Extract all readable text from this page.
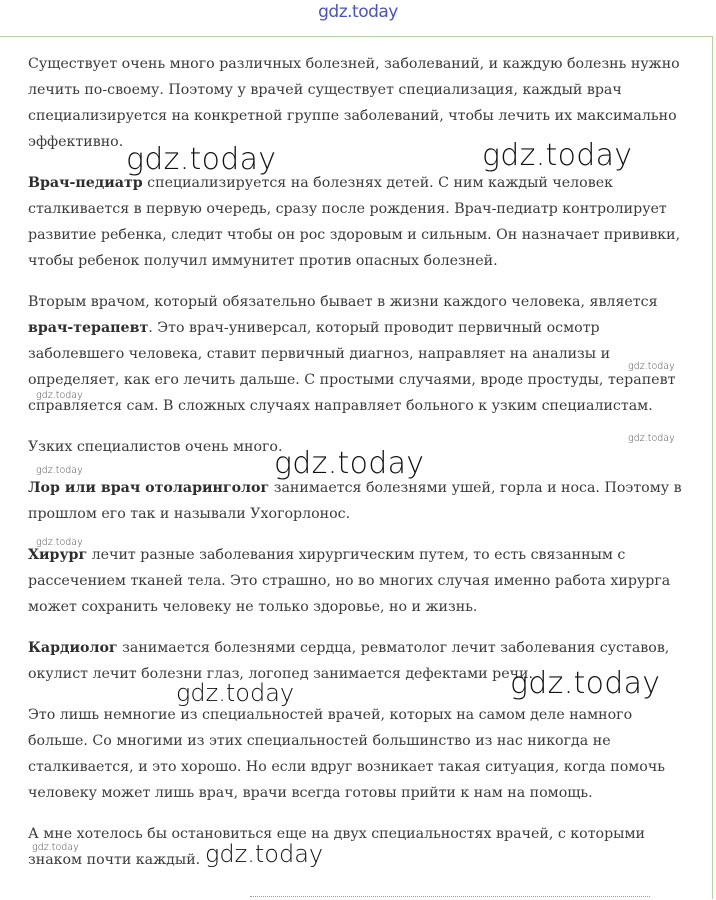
gdz.today

Существует очень много различных болезней, заболеваний, и каждую болезнь нужно лечить по-своему. Поэтому у врачей существует специализация, каждый врач специализируется на конкретной группе заболеваний, чтобы лечить их максимально эффективно.

Врач-педиатр специализируется на болезнях детей. С ним каждый человек сталкивается в первую очередь, сразу после рождения. Врач-педиатр контролирует развитие ребенка, следит чтобы он рос здоровым и сильным. Он назначает прививки, чтобы ребенок получил иммунитет против опасных болезней.

Вторым врачом, который обязательно бывает в жизни каждого человека, является врач-терапевт. Это врач-универсал, который проводит первичный осмотр заболевшего человека, ставит первичный диагноз, направляет на анализы и определяет, как его лечить дальше. С простыми случаями, вроде простуды, терапевт справляется сам. В сложных случаях направляет больного к узким специалистам.

Узких специалистов очень много.

Лор или врач отоларинголог занимается болезнями ушей, горла и носа. Поэтому в прошлом его так и называли Ухогорлонос.

Хирург лечит разные заболевания хирургическим путем, то есть связанным с рассечением тканей тела. Это страшно, но во многих случая именно работа хирурга может сохранить человеку не только здоровье, но и жизнь.

Кардиолог занимается болезнями сердца, ревматолог лечит заболевания суставов, окулист лечит болезни глаз, логопед занимается дефектами речи.

Это лишь немногие из специальностей врачей, которых на самом деле намного больше. Со многими из этих специальностей большинство из нас никогда не сталкивается, и это хорошо. Но если вдруг возникает такая ситуация, когда помочь человеку может лишь врач, врачи всегда готовы прийти к нам на помощь.

А мне хотелось бы остановиться еще на двух специальностях врачей, с которыми знаком почти каждый.

gdz.today	gdz.today
gdz.today
gdz.today
gdz.today
gdz.today
gdz.today
gdz.today
gdz.today
gdz.today
gdz.today	gdz.today
